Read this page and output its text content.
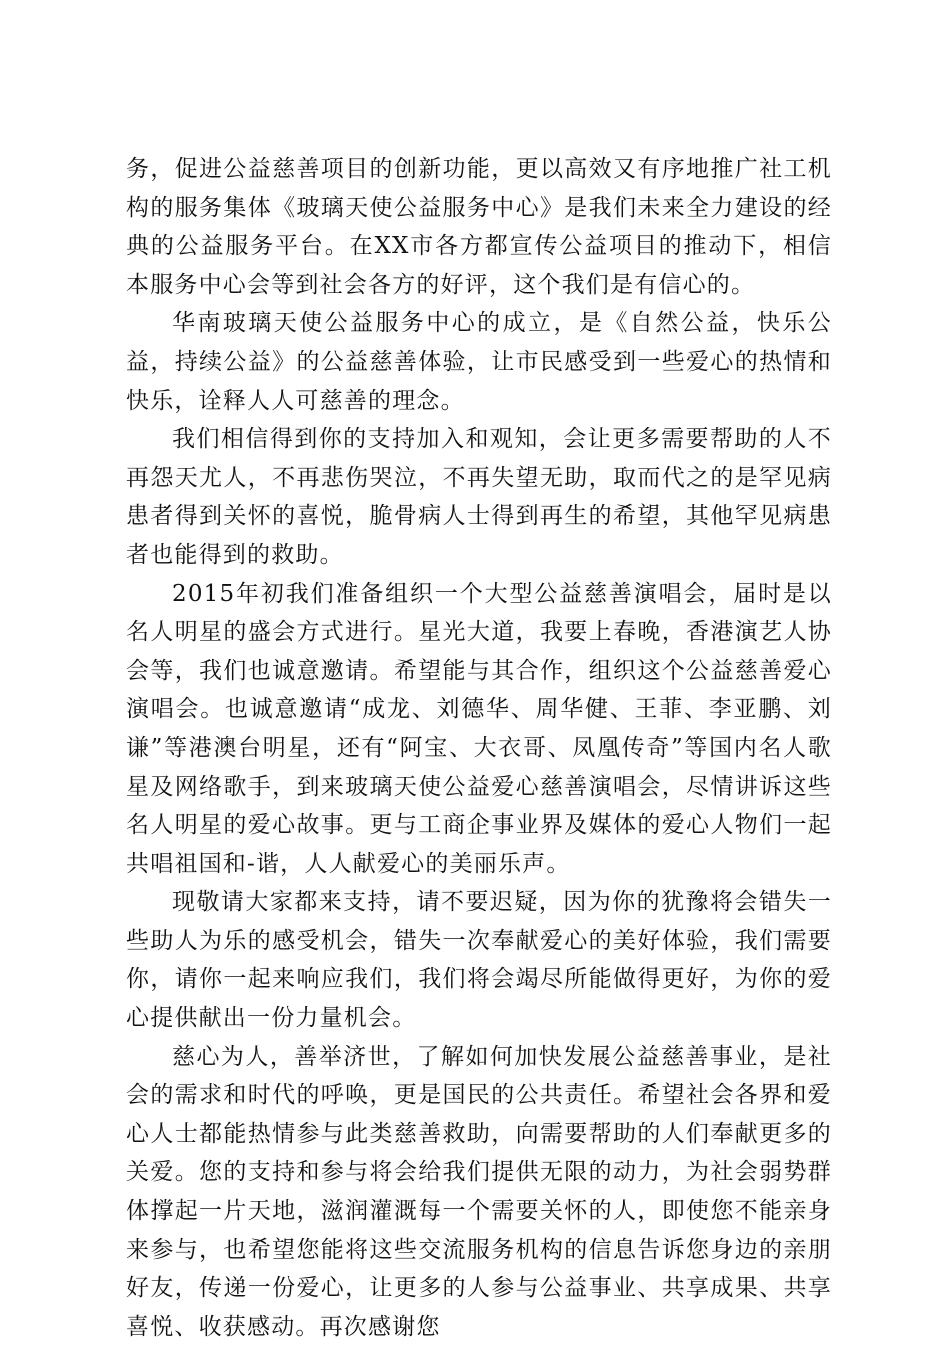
务，促进公益慈善项目的创新功能，更以高效又有序地推广社工机构的服务集体《玻璃天使公益服务中心》是我们未来全力建设的经典的公益服务平台。在XX市各方都宣传公益项目的推动下，相信本服务中心会等到社会各方的好评，这个我们是有信心的。

华南玻璃天使公益服务中心的成立，是《自然公益，快乐公益，持续公益》的公益慈善体验，让市民感受到一些爱心的热情和快乐，诠释人人可慈善的理念。

我们相信得到你的支持加入和观知，会让更多需要帮助的人不再怨天尤人，不再悲伤哭泣，不再失望无助，取而代之的是罕见病患者得到关怀的喜悦，脆骨病人士得到再生的希望，其他罕见病患者也能得到的救助。

2015年初我们准备组织一个大型公益慈善演唱会，届时是以名人明星的盛会方式进行。星光大道，我要上春晚，香港演艺人协会等，我们也诚意邀请。希望能与其合作，组织这个公益慈善爱心演唱会。也诚意邀请“成龙、刘德华、周华健、王菲、李亚鹏、刘谦”等港澳台明星，还有“阿宝、大衣哥、凤凰传奇”等国内名人歌星及网络歌手，到来玻璃天使公益爱心慈善演唱会，尽情讲诉这些名人明星的爱心故事。更与工商企事业界及媒体的爱心人物们一起共唱祖国和-谐，人人献爱心的美丽乐声。

现敬请大家都来支持，请不要迟疑，因为你的犹豫将会错失一些助人为乐的感受机会，错失一次奉献爱心的美好体验，我们需要你，请你一起来响应我们，我们将会竭尽所能做得更好，为你的爱心提供献出一份力量机会。

慈心为人，善举济世，了解如何加快发展公益慈善事业，是社会的需求和时代的呼唤，更是国民的公共责任。希望社会各界和爱心人士都能热情参与此类慈善救助，向需要帮助的人们奉献更多的关爱。您的支持和参与将会给我们提供无限的动力，为社会弱势群体撑起一片天地，滋润灌溉每一个需要关怀的人，即使您不能亲身来参与，也希望您能将这些交流服务机构的信息告诉您身边的亲朋好友，传递一份爱心，让更多的人参与公益事业、共享成果、共享喜悦、收获感动。再次感谢您
